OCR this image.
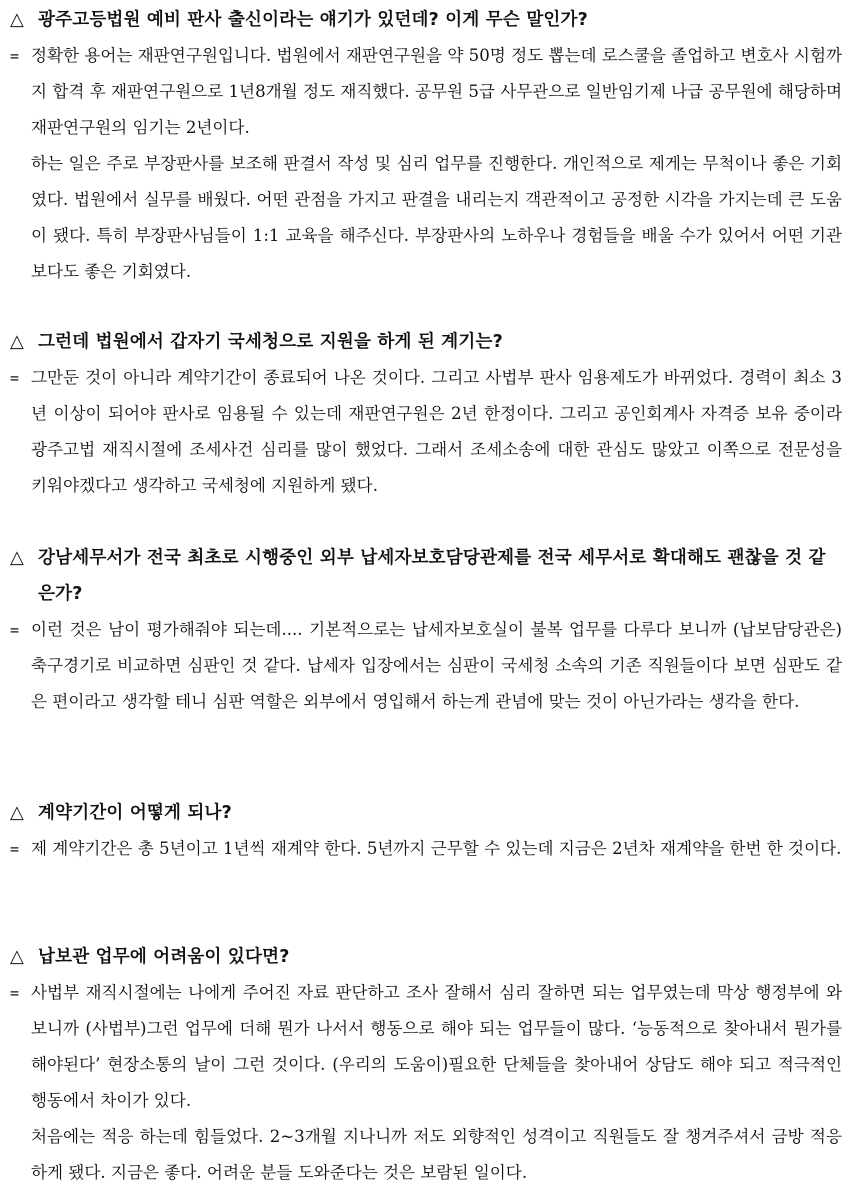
△ 광주고등법원 예비 판사 출신이라는 얘기가 있던데? 이게 무슨 말인가?
= 정확한 용어는 재판연구원입니다. 법원에서 재판연구원을 약 50명 정도 뽑는데 로스쿨을 졸업하고 변호사 시험까지 합격 후 재판연구원으로 1년8개월 정도 재직했다. 공무원 5급 사무관으로 일반임기제 나급 공무원에 해당하며 재판연구원의 임기는 2년이다.

하는 일은 주로 부장판사를 보조해 판결서 작성 및 심리 업무를 진행한다. 개인적으로 제게는 무척이나 좋은 기회였다. 법원에서 실무를 배웠다. 어떤 관점을 가지고 판결을 내리는지 객관적이고 공정한 시각을 가지는데 큰 도움이 됐다. 특히 부장판사님들이 1:1 교육을 해주신다. 부장판사의 노하우나 경험들을 배울 수가 있어서 어떤 기관보다도 좋은 기회였다.

△ 그런데 법원에서 갑자기 국세청으로 지원을 하게 된 계기는?
= 그만둔 것이 아니라 계약기간이 종료되어 나온 것이다. 그리고 사법부 판사 임용제도가 바뀌었다. 경력이 최소 3년 이상이 되어야 판사로 임용될 수 있는데 재판연구원은 2년 한정이다. 그리고 공인회계사 자격증 보유 중이라 광주고법 재직시절에 조세사건 심리를 많이 했었다. 그래서 조세소송에 대한 관심도 많았고 이쪽으로 전문성을 키워야겠다고 생각하고 국세청에 지원하게 됐다.

△ 강남세무서가 전국 최초로 시행중인 외부 납세자보호담당관제를 전국 세무서로 확대해도 괜찮을 것 같은가?
= 이런 것은 남이 평가해줘야 되는데.... 기본적으로는 납세자보호실이 불복 업무를 다루다 보니까 (납보담당관은) 축구경기로 비교하면 심판인 것 같다. 납세자 입장에서는 심판이 국세청 소속의 기존 직원들이다 보면 심판도 같은 편이라고 생각할 테니 심판 역할은 외부에서 영입해서 하는게 관념에 맞는 것이 아닌가라는 생각을 한다.

△ 계약기간이 어떻게 되나?
= 제 계약기간은 총 5년이고 1년씩 재계약 한다. 5년까지 근무할 수 있는데 지금은 2년차 재계약을 한번 한 것이다.

△ 납보관 업무에 어려움이 있다면?
= 사법부 재직시절에는 나에게 주어진 자료 판단하고 조사 잘해서 심리 잘하면 되는 업무였는데 막상 행정부에 와보니까 (사법부)그런 업무에 더해 뭔가 나서서 행동으로 해야 되는 업무들이 많다. ‘능동적으로 찾아내서 뭔가를 해야된다’ 현장소통의 날이 그런 것이다. (우리의 도움이)필요한 단체들을 찾아내어 상담도 해야 되고 적극적인 행동에서 차이가 있다.

처음에는 적응 하는데 힘들었다. 2~3개월 지나니까 저도 외향적인 성격이고 직원들도 잘 챙겨주셔서 금방 적응하게 됐다. 지금은 좋다. 어려운 분들 도와준다는 것은 보람된 일이다.
